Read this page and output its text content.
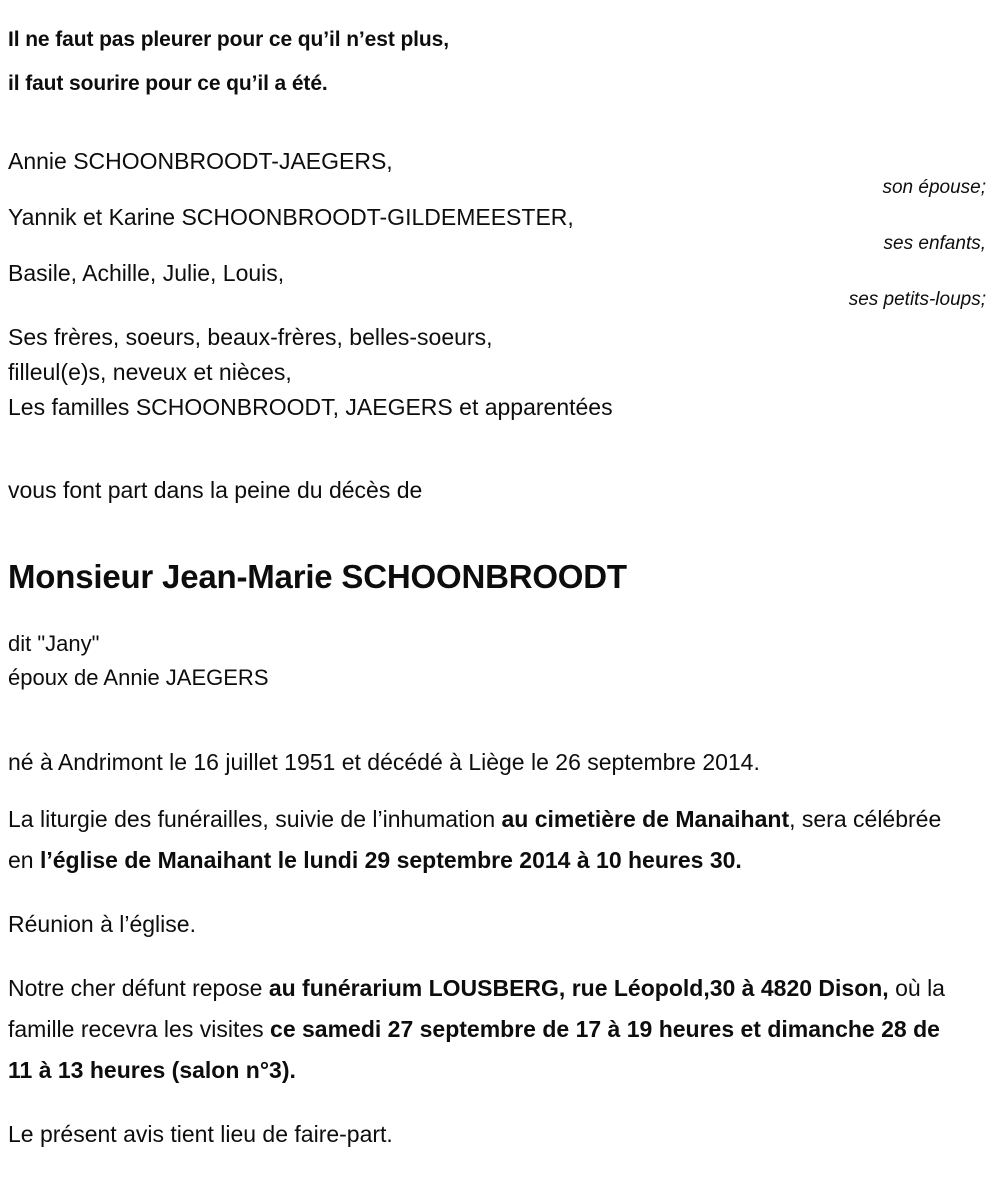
Il ne faut pas pleurer pour ce qu’il n’est plus,
il faut sourire pour ce qu’il a été.
Annie SCHOONBROODT-JAEGERS,
son épouse;
Yannik et Karine SCHOONBROODT-GILDEMEESTER,
ses enfants,
Basile, Achille, Julie, Louis,
ses petits-loups;
Ses frères, soeurs, beaux-frères, belles-soeurs,
filleul(e)s, neveux et nièces,
Les familles SCHOONBROODT, JAEGERS et apparentées
vous font part dans la peine du décès de
Monsieur Jean-Marie SCHOONBROODT
dit "Jany"
époux de Annie JAEGERS
né à Andrimont le 16 juillet 1951 et décédé à Liège le 26 septembre 2014.

La liturgie des funérailles, suivie de l’inhumation au cimetière de Manaihant, sera célébrée en l’église de Manaihant le lundi 29 septembre 2014 à 10 heures 30.

Réunion à l’église.

Notre cher défunt repose au funérarium LOUSBERG, rue Léopold,30 à 4820 Dison, où la famille recevra les visites ce samedi 27 septembre de 17 à 19 heures et dimanche 28 de 11 à 13 heures (salon n°3).

Le présent avis tient lieu de faire-part.
